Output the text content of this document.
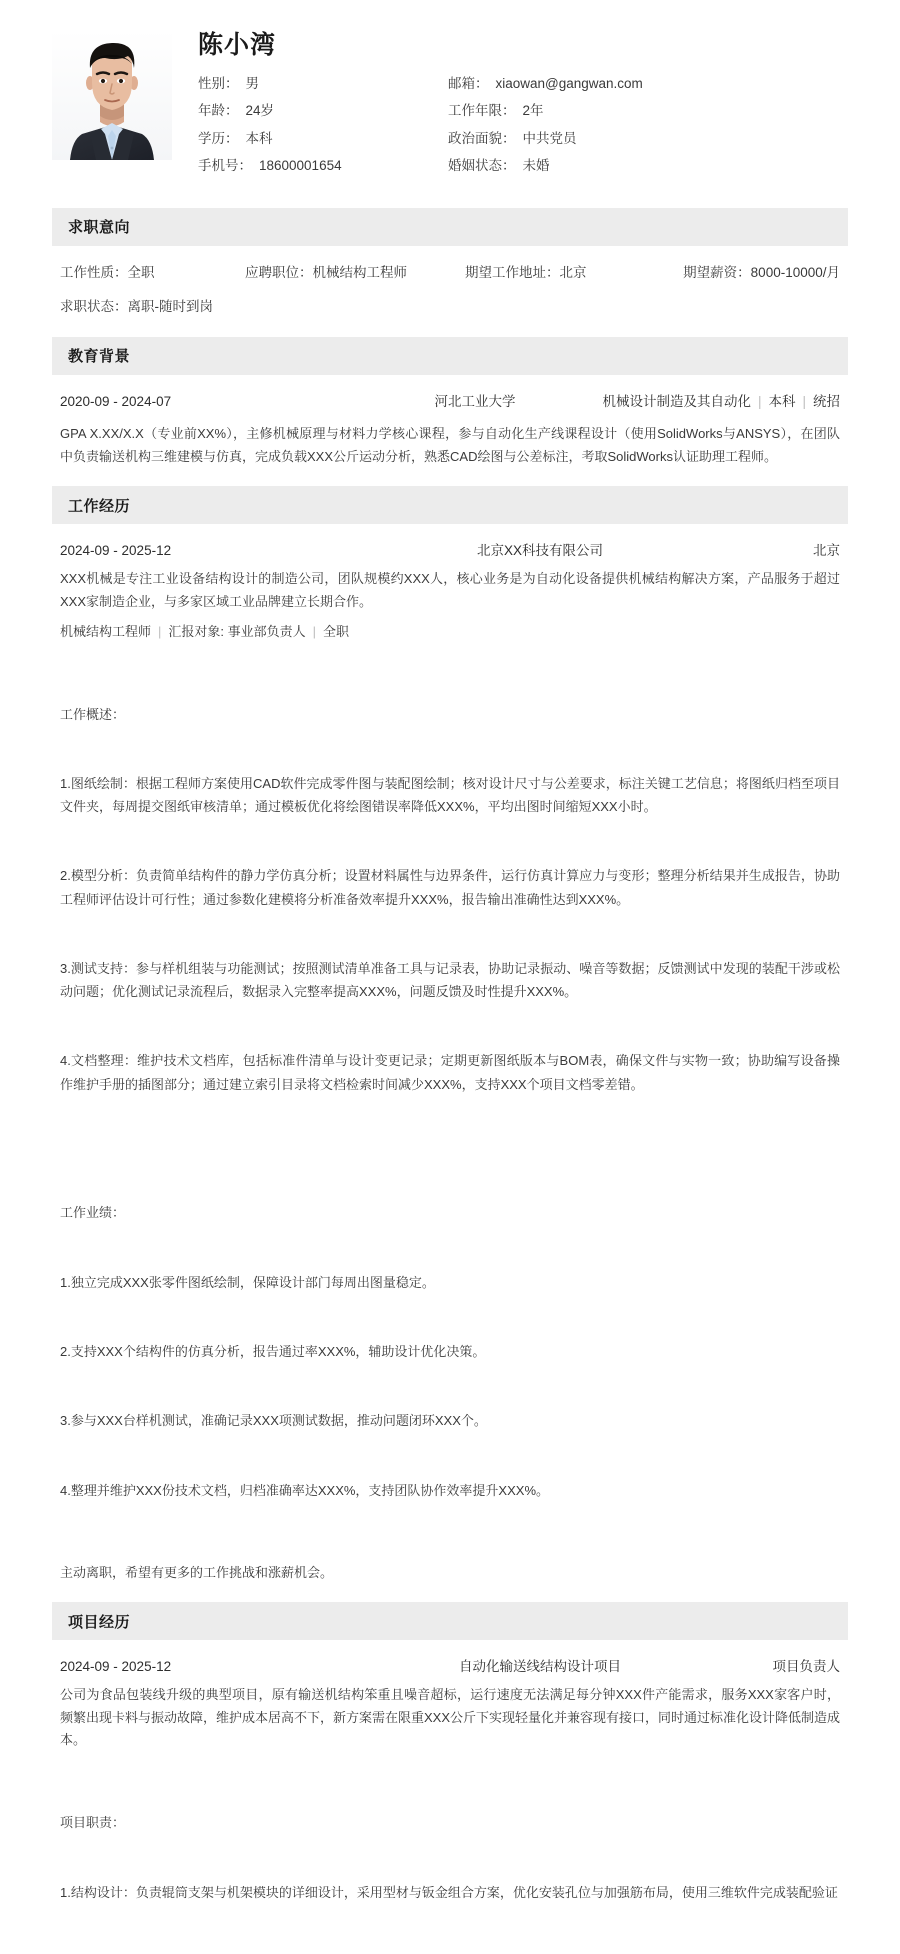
陈小湾
性别： 男	邮箱： xiaowan@gangwan.com
年龄： 24岁	工作年限： 2年
学历： 本科	政治面貌： 中共党员
手机号： 18600001654	婚姻状态： 未婚
求职意向
工作性质：全职	应聘职位：机械结构工程师	期望工作地址：北京	期望薪资：8000-10000/月
求职状态：离职-随时到岗
教育背景
2020-09 - 2024-07	河北工业大学	机械设计制造及其自动化 | 本科 | 统招
GPA X.XX/X.X（专业前XX%），主修机械原理与材料力学核心课程，参与自动化生产线课程设计（使用SolidWorks与ANSYS），在团队中负责输送机构三维建模与仿真，完成负载XXX公斤运动分析，熟悉CAD绘图与公差标注，考取SolidWorks认证助理工程师。
工作经历
2024-09 - 2025-12	北京XX科技有限公司	北京
XXX机械是专注工业设备结构设计的制造公司，团队规模约XXX人，核心业务是为自动化设备提供机械结构解决方案，产品服务于超过XXX家制造企业，与多家区域工业品牌建立长期合作。
机械结构工程师 | 汇报对象: 事业部负责人 | 全职

工作概述：

1.图纸绘制：根据工程师方案使用CAD软件完成零件图与装配图绘制；核对设计尺寸与公差要求，标注关键工艺信息；将图纸归档至项目文件夹，每周提交图纸审核清单；通过模板优化将绘图错误率降低XXX%，平均出图时间缩短XXX小时。

2.模型分析：负责简单结构件的静力学仿真分析；设置材料属性与边界条件，运行仿真计算应力与变形；整理分析结果并生成报告，协助工程师评估设计可行性；通过参数化建模将分析准备效率提升XXX%，报告输出准确性达到XXX%。

3.测试支持：参与样机组装与功能测试；按照测试清单准备工具与记录表，协助记录振动、噪音等数据；反馈测试中发现的装配干涉或松动问题；优化测试记录流程后，数据录入完整率提高XXX%，问题反馈及时性提升XXX%。

4.文档整理：维护技术文档库，包括标准件清单与设计变更记录；定期更新图纸版本与BOM表，确保文件与实物一致；协助编写设备操作维护手册的插图部分；通过建立索引目录将文档检索时间减少XXX%，支持XXX个项目文档零差错。

工作业绩：

1.独立完成XXX张零件图纸绘制，保障设计部门每周出图量稳定。

2.支持XXX个结构件的仿真分析，报告通过率XXX%，辅助设计优化决策。

3.参与XXX台样机测试，准确记录XXX项测试数据，推动问题闭环XXX个。

4.整理并维护XXX份技术文档，归档准确率达XXX%，支持团队协作效率提升XXX%。

主动离职，希望有更多的工作挑战和涨薪机会。
项目经历
2024-09 - 2025-12	自动化输送线结构设计项目	项目负责人
公司为食品包装线升级的典型项目，原有输送机结构笨重且噪音超标，运行速度无法满足每分钟XXX件产能需求，服务XXX家客户时，频繁出现卡料与振动故障，维护成本居高不下，新方案需在限重XXX公斤下实现轻量化并兼容现有接口，同时通过标准化设计降低制造成本。

项目职责：

1.结构设计：负责辊筒支架与机架模块的详细设计，采用型材与钣金组合方案，优化安装孔位与加强筋布局，使用三维软件完成装配验证
